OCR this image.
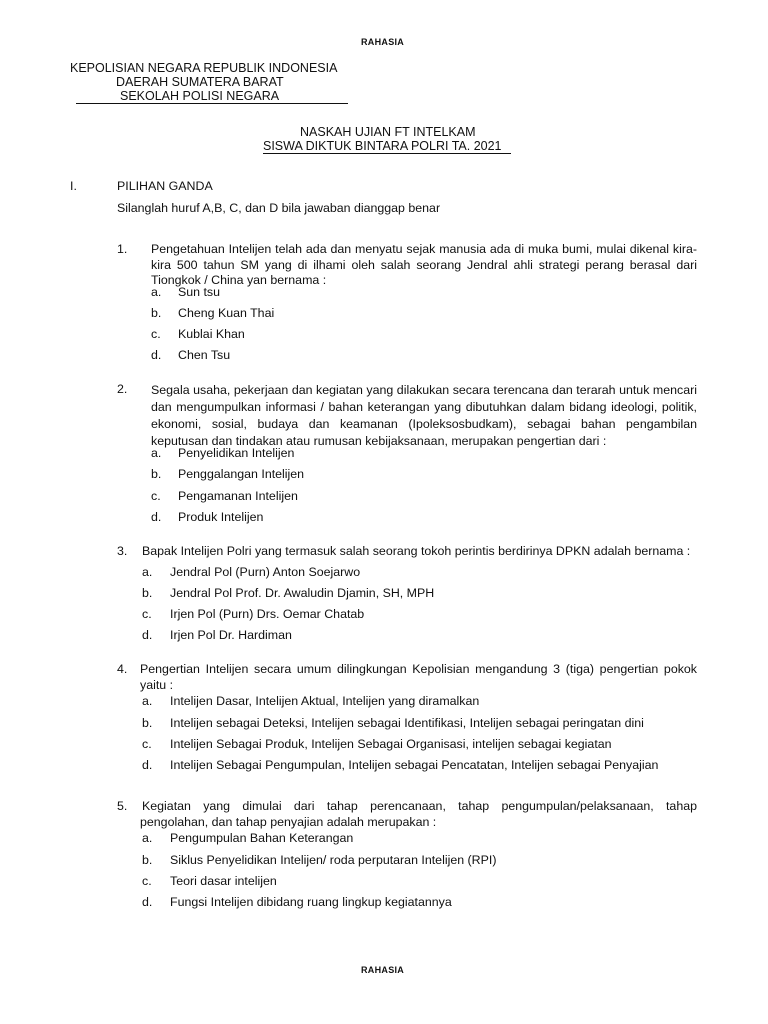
RAHASIA
KEPOLISIAN NEGARA REPUBLIK INDONESIA
DAERAH SUMATERA BARAT
SEKOLAH POLISI NEGARA
NASKAH UJIAN FT INTELKAM
SISWA DIKTUK BINTARA POLRI TA. 2021
I.	PILIHAN GANDA
Silanglah huruf A,B, C, dan D bila jawaban dianggap benar
1. Pengetahuan Intelijen telah ada dan menyatu sejak manusia ada di muka bumi, mulai dikenal kira-kira 500 tahun SM yang di ilhami oleh salah seorang Jendral ahli strategi perang berasal dari Tiongkok / China yan bernama :
a. Sun tsu
b. Cheng Kuan Thai
c. Kublai Khan
d. Chen Tsu
2. Segala usaha, pekerjaan dan kegiatan yang dilakukan secara terencana dan terarah untuk mencari dan mengumpulkan informasi / bahan keterangan yang dibutuhkan dalam bidang ideologi, politik, ekonomi, sosial, budaya dan keamanan (Ipoleksosbudkam), sebagai bahan pengambilan keputusan dan tindakan atau rumusan kebijaksanaan, merupakan pengertian dari :
a. Penyelidikan Intelijen
b. Penggalangan Intelijen
c. Pengamanan Intelijen
d. Produk Intelijen
3. Bapak Intelijen Polri yang termasuk salah seorang tokoh perintis berdirinya DPKN adalah bernama :
a. Jendral Pol (Purn) Anton Soejarwo
b. Jendral Pol Prof. Dr. Awaludin Djamin, SH, MPH
c. Irjen Pol (Purn) Drs. Oemar Chatab
d. Irjen Pol Dr. Hardiman
4. Pengertian Intelijen secara umum dilingkungan Kepolisian mengandung 3 (tiga) pengertian pokok yaitu :
a. Intelijen Dasar, Intelijen Aktual, Intelijen yang diramalkan
b. Intelijen sebagai Deteksi, Intelijen sebagai Identifikasi, Intelijen sebagai peringatan dini
c. Intelijen Sebagai Produk, Intelijen Sebagai Organisasi, intelijen sebagai kegiatan
d. Intelijen Sebagai Pengumpulan, Intelijen sebagai Pencatatan, Intelijen sebagai Penyajian
5. Kegiatan yang dimulai dari tahap perencanaan, tahap pengumpulan/pelaksanaan, tahap pengolahan, dan tahap penyajian adalah merupakan :
a. Pengumpulan Bahan Keterangan
b. Siklus Penyelidikan Intelijen/ roda perputaran Intelijen (RPI)
c. Teori dasar intelijen
d. Fungsi Intelijen dibidang ruang lingkup kegiatannya
RAHASIA
